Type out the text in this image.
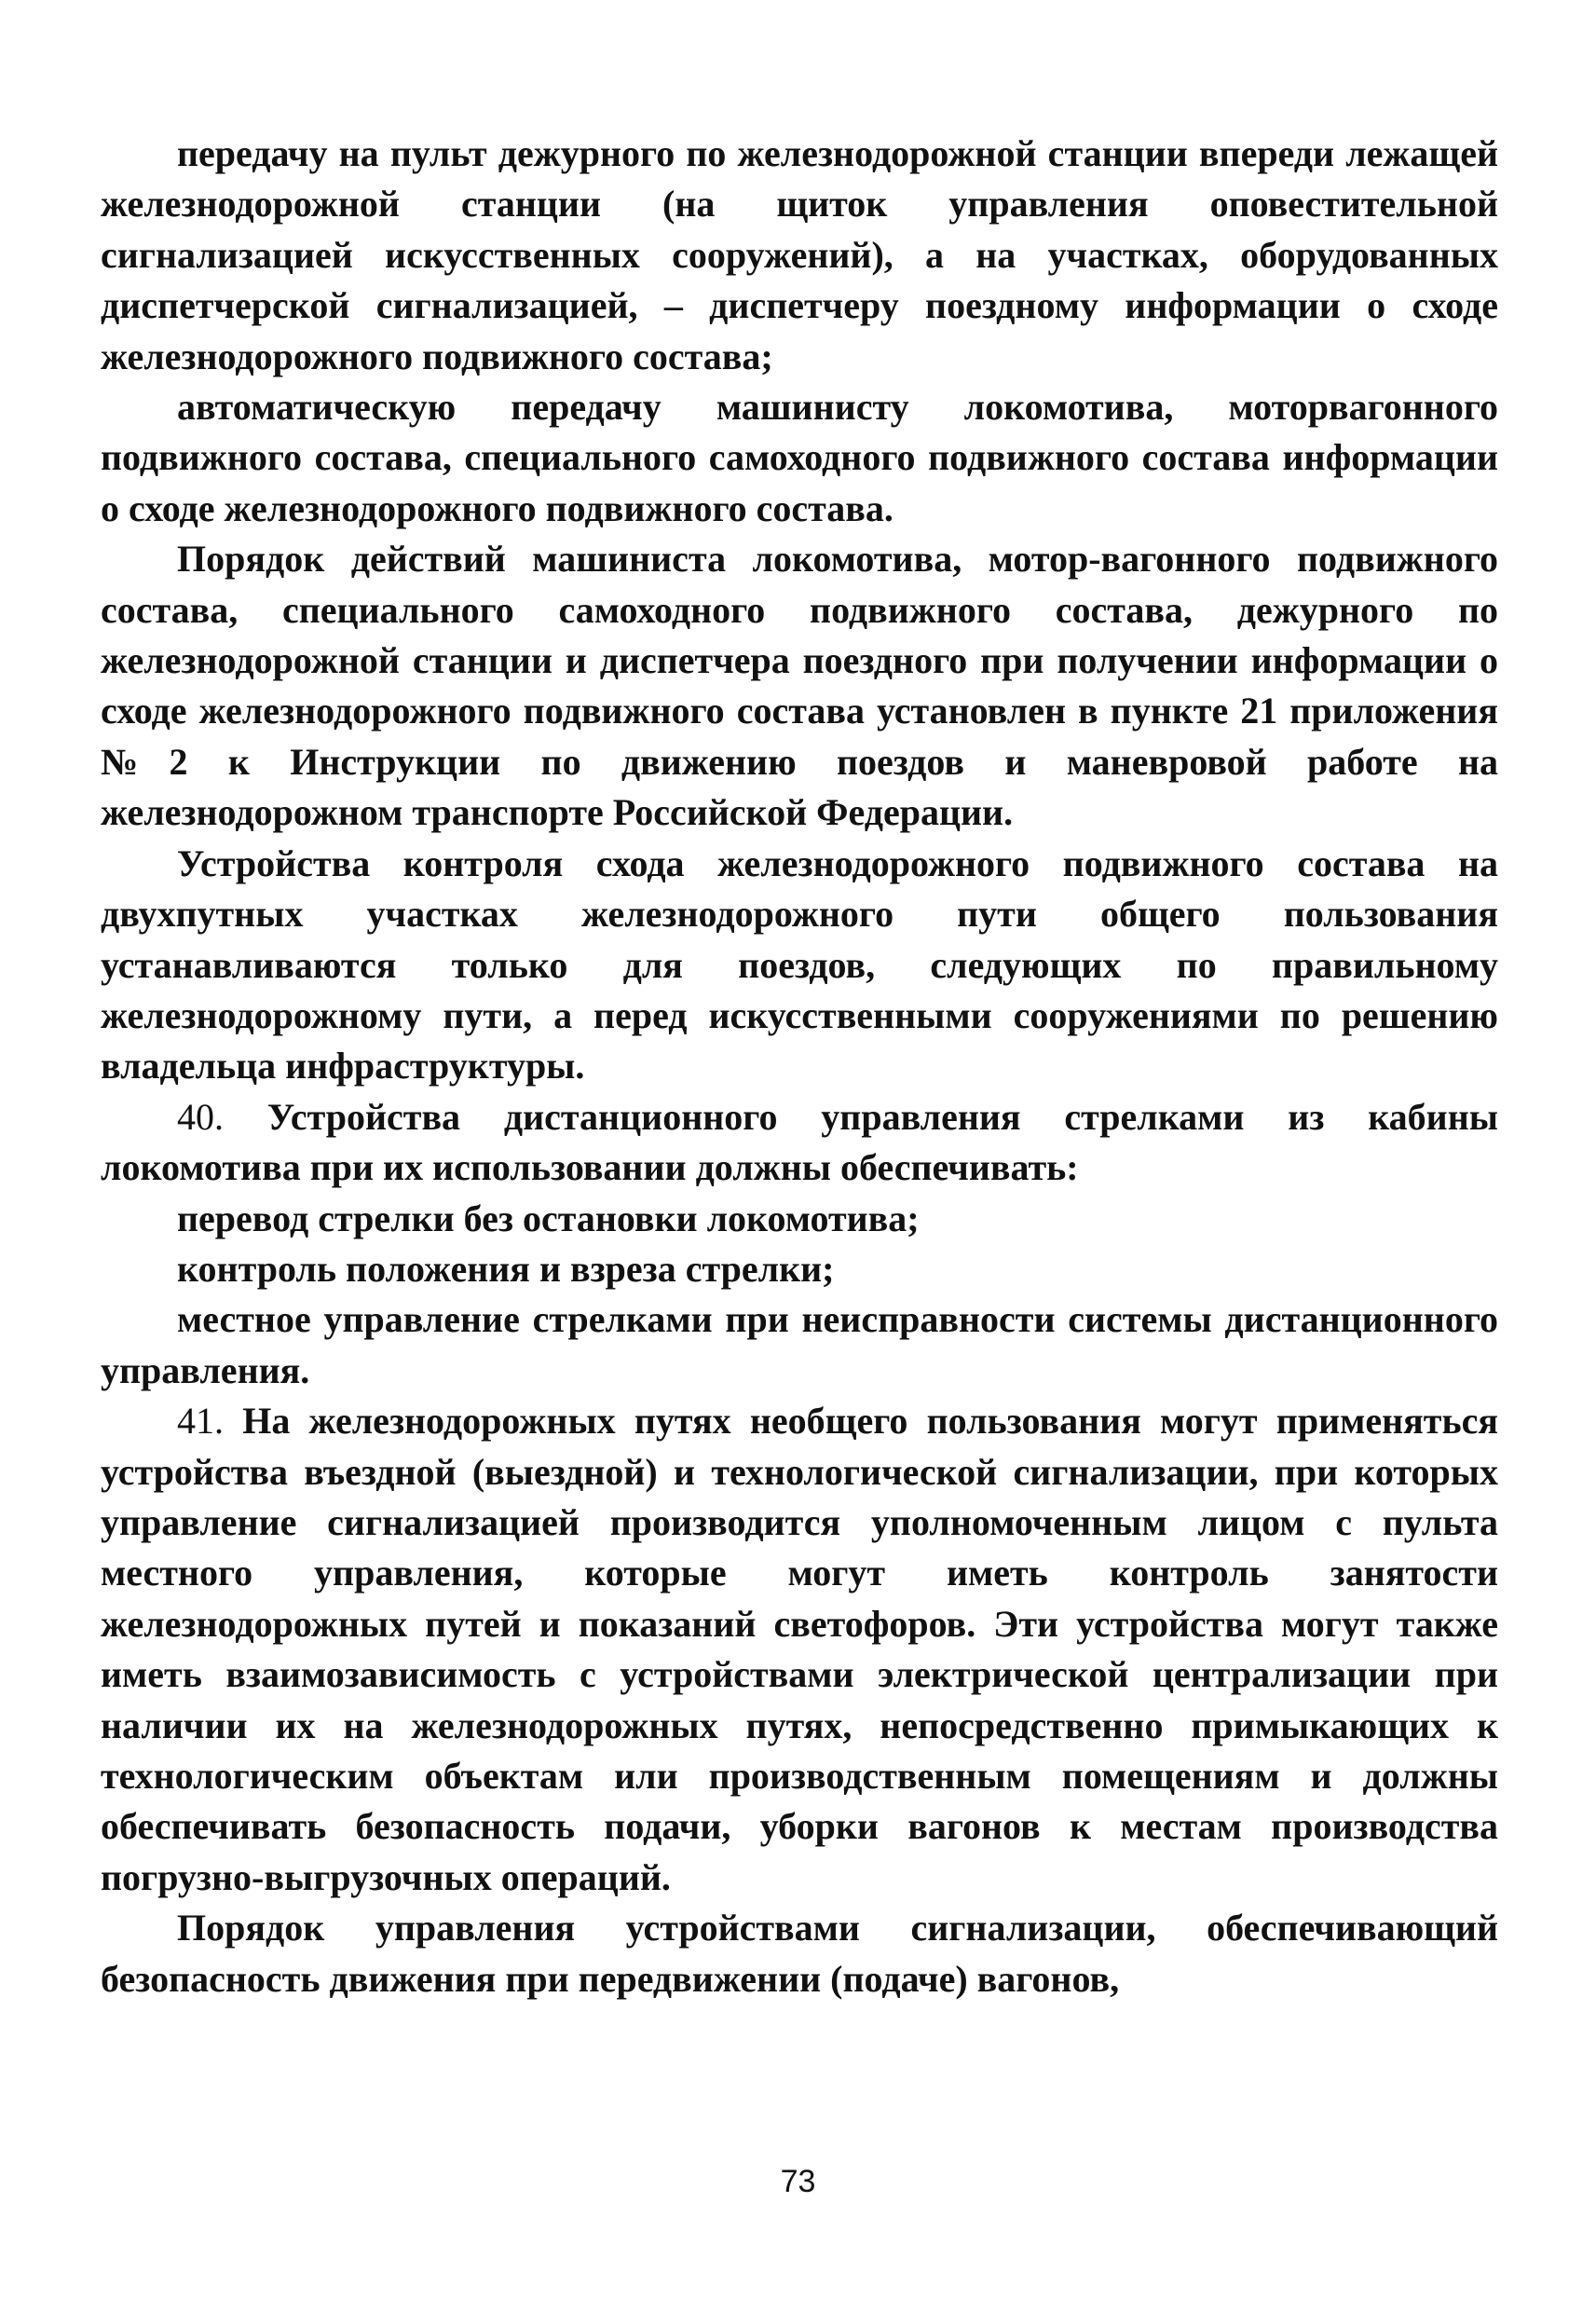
передачу на пульт дежурного по железнодорожной станции впереди лежащей железнодорожной станции (на щиток управления оповестительной сигнализацией искусственных сооружений), а на участках, оборудованных диспетчерской сигнализацией, – диспетчеру поездному информации о сходе железнодорожного подвижного состава;

автоматическую передачу машинисту локомотива, моторвагонного подвижного состава, специального самоходного подвижного состава информации о сходе железнодорожного подвижного состава.

Порядок действий машиниста локомотива, мотор-вагонного подвижного состава, специального самоходного подвижного состава, дежурного по железнодорожной станции и диспетчера поездного при получении информации о сходе железнодорожного подвижного состава установлен в пункте 21 приложения №2 к Инструкции по движению поездов и маневровой работе на железнодорожном транспорте Российской Федерации.

Устройства контроля схода железнодорожного подвижного состава на двухпутных участках железнодорожного пути общего пользования устанавливаются только для поездов, следующих по правильному железнодорожному пути, а перед искусственными сооружениями по решению владельца инфраструктуры.

40. Устройства дистанционного управления стрелками из кабины локомотива при их использовании должны обеспечивать:

перевод стрелки без остановки локомотива;

контроль положения и взреза стрелки;

местное управление стрелками при неисправности системы дистанционного управления.

41. На железнодорожных путях необщего пользования могут применяться устройства въездной (выездной) и технологической сигнализации, при которых управление сигнализацией производится уполномоченным лицом с пульта местного управления, которые могут иметь контроль занятости железнодорожных путей и показаний светофоров. Эти устройства могут также иметь взаимозависимость с устройствами электрической централизации при наличии их на железнодорожных путях, непосредственно примыкающих к технологическим объектам или производственным помещениям и должны обеспечивать безопасность подачи, уборки вагонов к местам производства погрузно-выгрузочных операций.

Порядок управления устройствами сигнализации, обеспечивающий безопасность движения при передвижении (подаче) вагонов,

73
